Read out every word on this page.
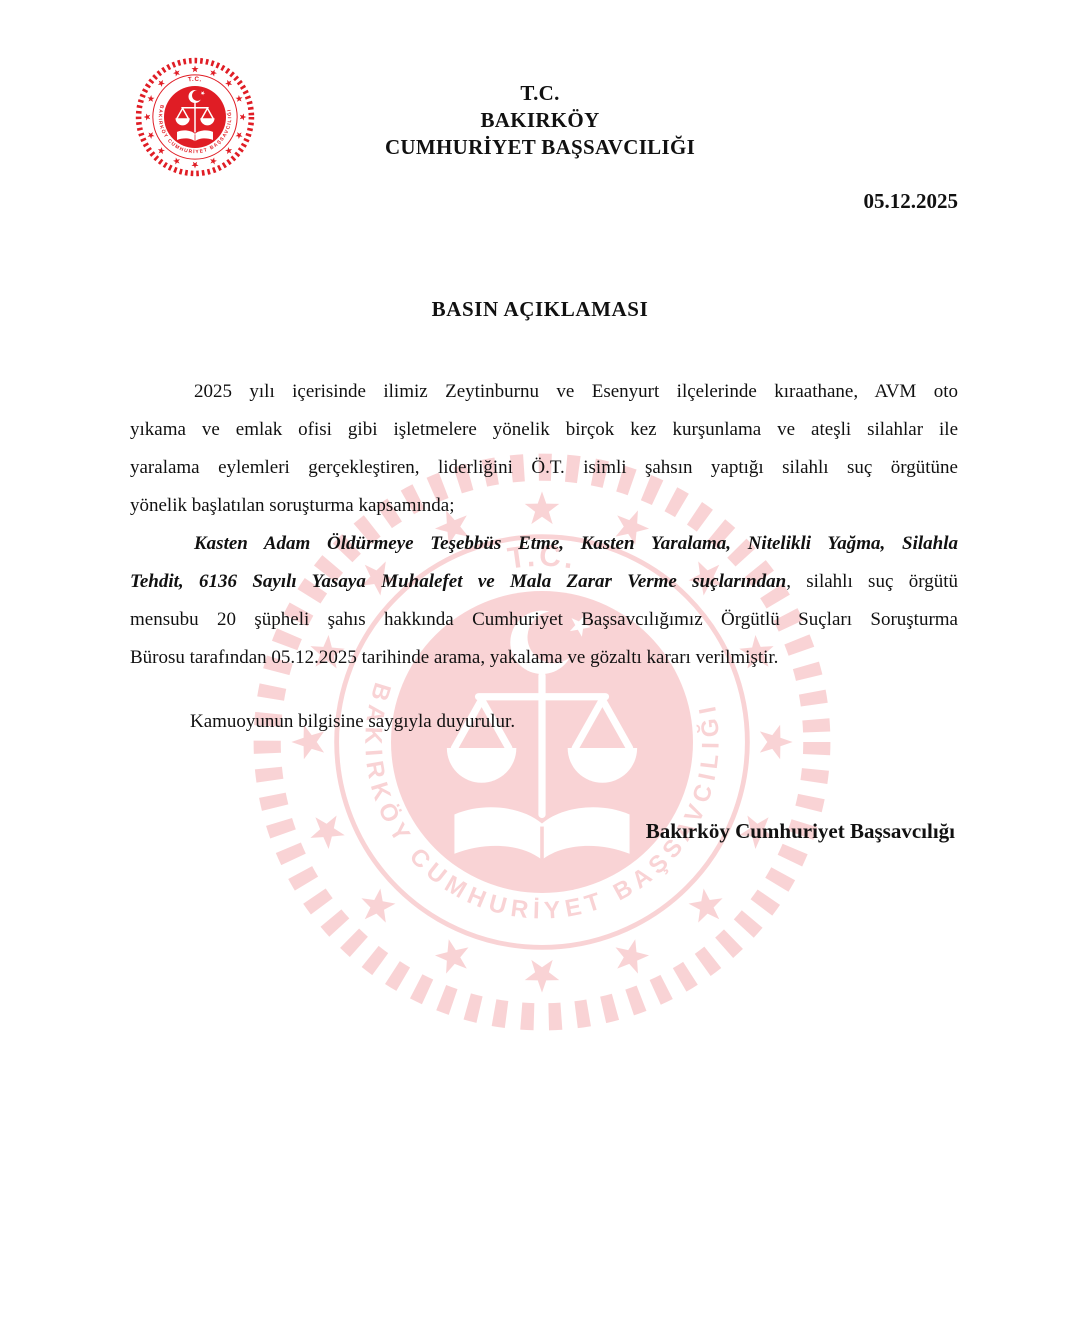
T.C.
BAKIRKÖY
CUMHURİYET BAŞSAVCILIĞI
05.12.2025
BASIN AÇIKLAMASI
2025 yılı içerisinde ilimiz Zeytinburnu ve Esenyurt ilçelerinde kıraathane, AVM oto
yıkama ve emlak ofisi gibi işletmelere yönelik birçok kez kurşunlama ve ateşli silahlar ile
yaralama eylemleri gerçekleştiren, liderliğini Ö.T. isimli şahsın yaptığı silahlı suç örgütüne
yönelik başlatılan soruşturma kapsamında;
Kasten Adam Öldürmeye Teşebbüs Etme, Kasten Yaralama, Nitelikli Yağma, Silahla
Tehdit, 6136 Sayılı Yasaya Muhalefet ve Mala Zarar Verme suçlarından, silahlı suç örgütü
mensubu 20 şüpheli şahıs hakkında Cumhuriyet Başsavcılığımız Örgütlü Suçları Soruşturma
Bürosu tarafından 05.12.2025 tarihinde arama, yakalama ve gözaltı kararı verilmiştir.
Kamuoyunun bilgisine saygıyla duyurulur.
Bakırköy Cumhuriyet Başsavcılığı
